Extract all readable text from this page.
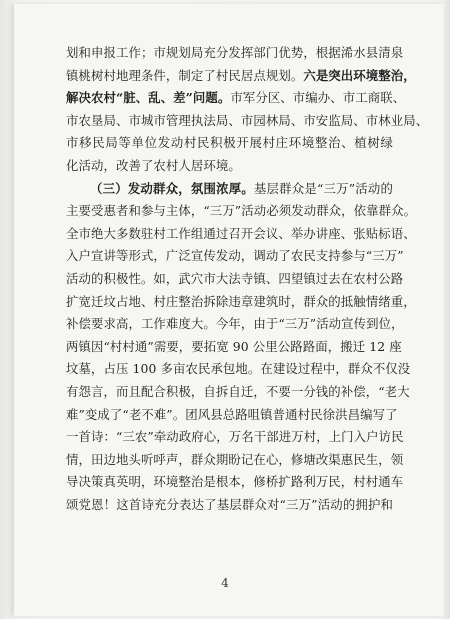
划和申报工作；市规划局充分发挥部门优势，根据浠水县清泉
镇桃树村地理条件，制定了村民居点规划。六是突出环境整治，
解决农村“脏、乱、差”问题。市军分区、市编办、市工商联、
市农垦局、市城市管理执法局、市园林局、市安监局、市林业局、
市移民局等单位发动村民积极开展村庄环境整治、植树绿
化活动，改善了农村人居环境。
（三）发动群众，氛围浓厚。基层群众是“三万”活动的
主要受惠者和参与主体，“三万”活动必须发动群众，依靠群众。
全市绝大多数驻村工作组通过召开会议、举办讲座、张贴标语、
入户宣讲等形式，广泛宣传发动，调动了农民支持参与“三万”
活动的积极性。如，武穴市大法寺镇、四望镇过去在农村公路
扩宽迁坟占地、村庄整治拆除违章建筑时，群众的抵触情绪重，
补偿要求高，工作难度大。今年，由于“三万”活动宣传到位，
两镇因“村村通”需要，要拓宽 90 公里公路路面，搬迁 12 座
坟墓，占压 100 多亩农民承包地。在建设过程中，群众不仅没
有怨言，而且配合积极，自拆自迁，不要一分钱的补偿，“老大
难”变成了“老不难”。团风县总路咀镇普通村民徐洪昌编写了
一首诗：“三农”牵动政府心，万名干部进万村，上门入户访民
情，田边地头听呼声，群众期盼记在心，修塘改渠惠民生，领
导决策真英明，环境整治是根本，修桥扩路利万民，村村通车
颂党恩！这首诗充分表达了基层群众对“三万”活动的拥护和
4
